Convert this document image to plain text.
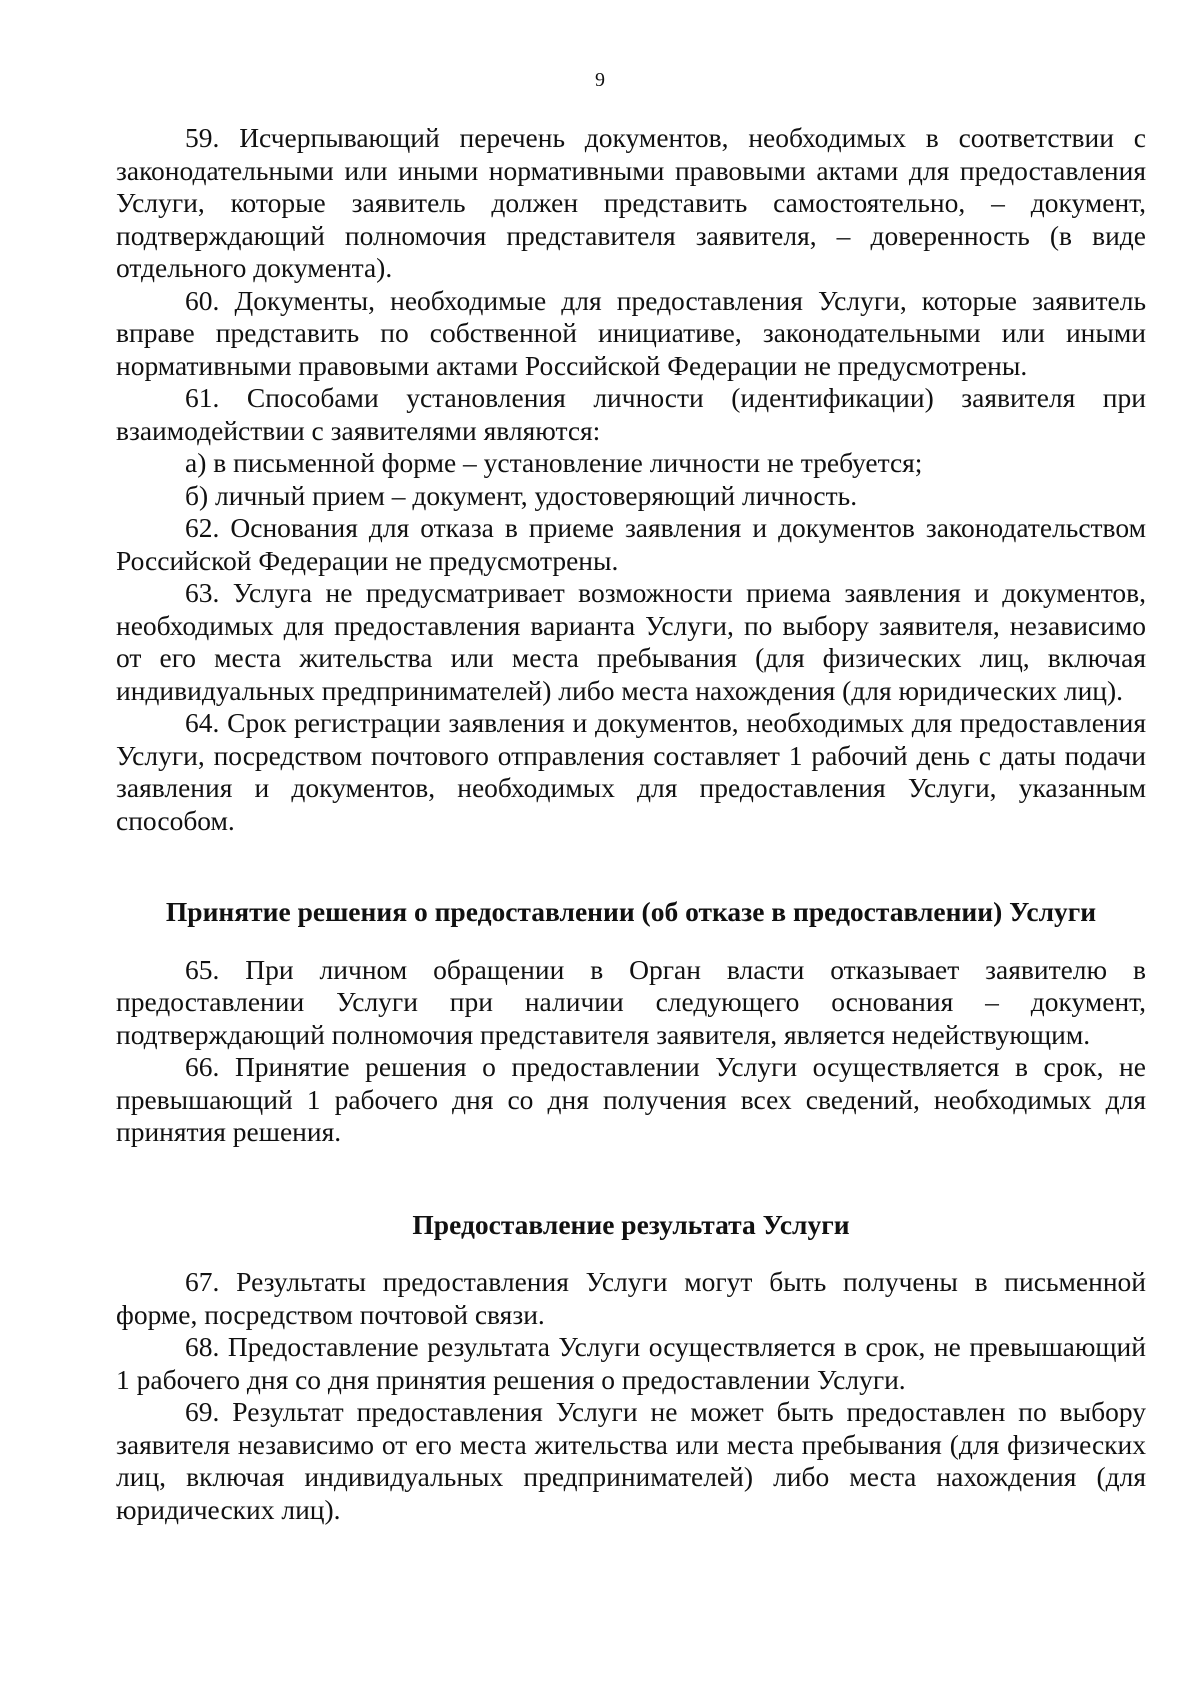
9

59. Исчерпывающий перечень документов, необходимых в соответствии с законодательными или иными нормативными правовыми актами для предоставления Услуги, которые заявитель должен представить самостоятельно, – документ, подтверждающий полномочия представителя заявителя, – доверенность (в виде отдельного документа).

60. Документы, необходимые для предоставления Услуги, которые заявитель вправе представить по собственной инициативе, законодательными или иными нормативными правовыми актами Российской Федерации не предусмотрены.

61. Способами установления личности (идентификации) заявителя при взаимодействии с заявителями являются:

а) в письменной форме – установление личности не требуется;

б) личный прием – документ, удостоверяющий личность.

62. Основания для отказа в приеме заявления и документов законодательством Российской Федерации не предусмотрены.

63. Услуга не предусматривает возможности приема заявления и документов, необходимых для предоставления варианта Услуги, по выбору заявителя, независимо от его места жительства или места пребывания (для физических лиц, включая индивидуальных предпринимателей) либо места нахождения (для юридических лиц).

64. Срок регистрации заявления и документов, необходимых для предоставления Услуги, посредством почтового отправления составляет 1 рабочий день с даты подачи заявления и документов, необходимых для предоставления Услуги, указанным способом.

Принятие решения о предоставлении (об отказе в предоставлении) Услуги

65. При личном обращении в Орган власти отказывает заявителю в предоставлении Услуги при наличии следующего основания – документ, подтверждающий полномочия представителя заявителя, является недействующим.

66. Принятие решения о предоставлении Услуги осуществляется в срок, не превышающий 1 рабочего дня со дня получения всех сведений, необходимых для принятия решения.

Предоставление результата Услуги

67. Результаты предоставления Услуги могут быть получены в письменной форме, посредством почтовой связи.

68. Предоставление результата Услуги осуществляется в срок, не превышающий 1 рабочего дня со дня принятия решения о предоставлении Услуги.

69. Результат предоставления Услуги не может быть предоставлен по выбору заявителя независимо от его места жительства или места пребывания (для физических лиц, включая индивидуальных предпринимателей) либо места нахождения (для юридических лиц).
